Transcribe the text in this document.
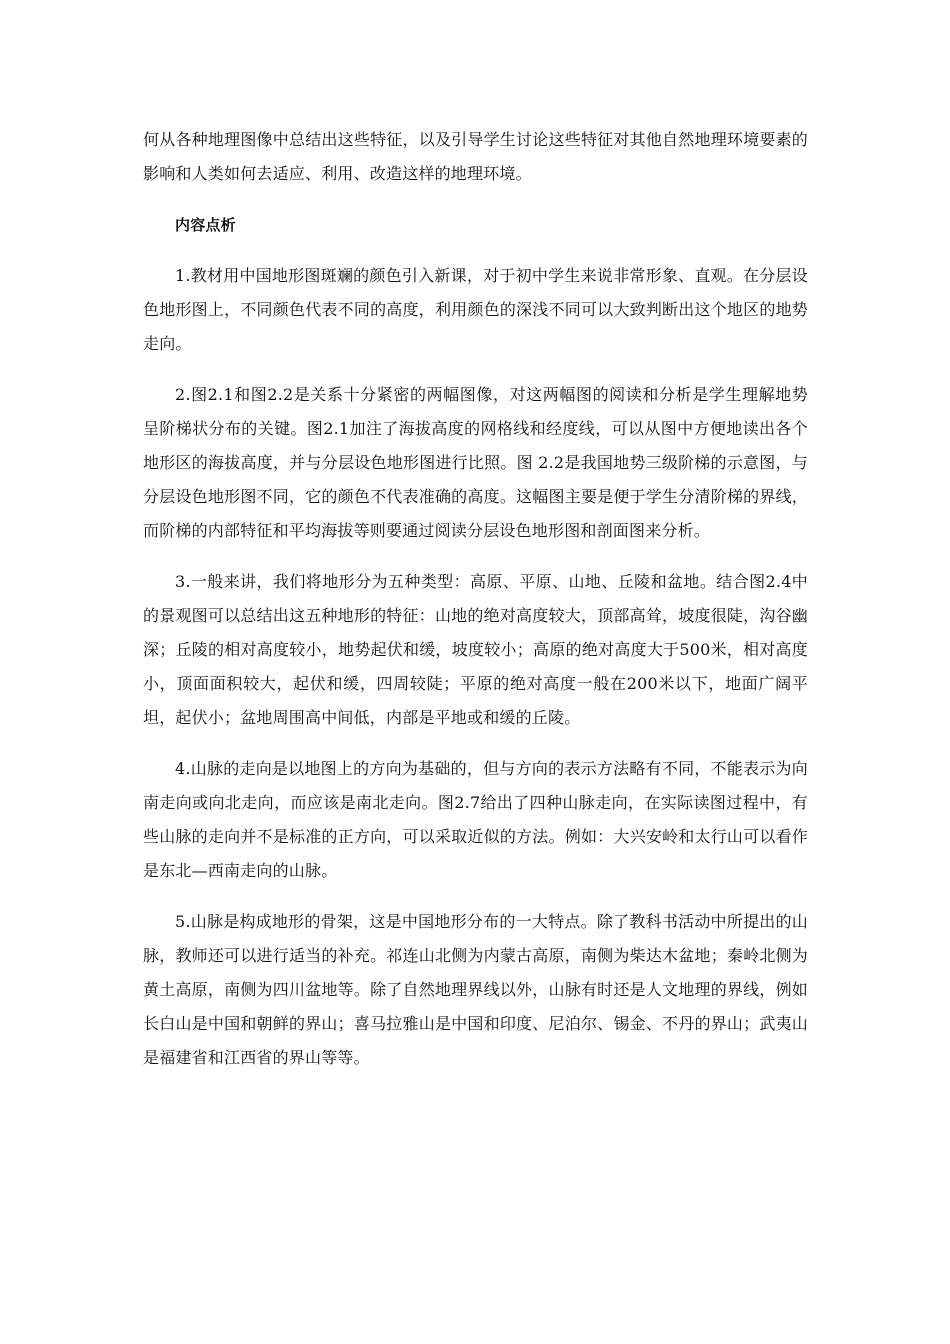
何从各种地理图像中总结出这些特征，以及引导学生讨论这些特征对其他自然地理环境要素的影响和人类如何去适应、利用、改造这样的地理环境。

内容点析

1.教材用中国地形图斑斓的颜色引入新课，对于初中学生来说非常形象、直观。在分层设色地形图上，不同颜色代表不同的高度，利用颜色的深浅不同可以大致判断出这个地区的地势走向。

2.图2.1和图2.2是关系十分紧密的两幅图像，对这两幅图的阅读和分析是学生理解地势呈阶梯状分布的关键。图2.1加注了海拔高度的网格线和经度线，可以从图中方便地读出各个地形区的海拔高度，并与分层设色地形图进行比照。图 2.2是我国地势三级阶梯的示意图，与分层设色地形图不同，它的颜色不代表准确的高度。这幅图主要是便于学生分清阶梯的界线，而阶梯的内部特征和平均海拔等则要通过阅读分层设色地形图和剖面图来分析。

3.一般来讲，我们将地形分为五种类型：高原、平原、山地、丘陵和盆地。结合图2.4中的景观图可以总结出这五种地形的特征：山地的绝对高度较大，顶部高耸，坡度很陡，沟谷幽深；丘陵的相对高度较小，地势起伏和缓，坡度较小；高原的绝对高度大于500米，相对高度小，顶面面积较大，起伏和缓，四周较陡；平原的绝对高度一般在200米以下，地面广阔平坦，起伏小；盆地周围高中间低，内部是平地或和缓的丘陵。

4.山脉的走向是以地图上的方向为基础的，但与方向的表示方法略有不同，不能表示为向南走向或向北走向，而应该是南北走向。图2.7给出了四种山脉走向，在实际读图过程中，有些山脉的走向并不是标准的正方向，可以采取近似的方法。例如：大兴安岭和太行山可以看作是东北—西南走向的山脉。

5.山脉是构成地形的骨架，这是中国地形分布的一大特点。除了教科书活动中所提出的山脉，教师还可以进行适当的补充。祁连山北侧为内蒙古高原，南侧为柴达木盆地；秦岭北侧为黄土高原，南侧为四川盆地等。除了自然地理界线以外，山脉有时还是人文地理的界线，例如长白山是中国和朝鲜的界山；喜马拉雅山是中国和印度、尼泊尔、锡金、不丹的界山；武夷山是福建省和江西省的界山等等。
